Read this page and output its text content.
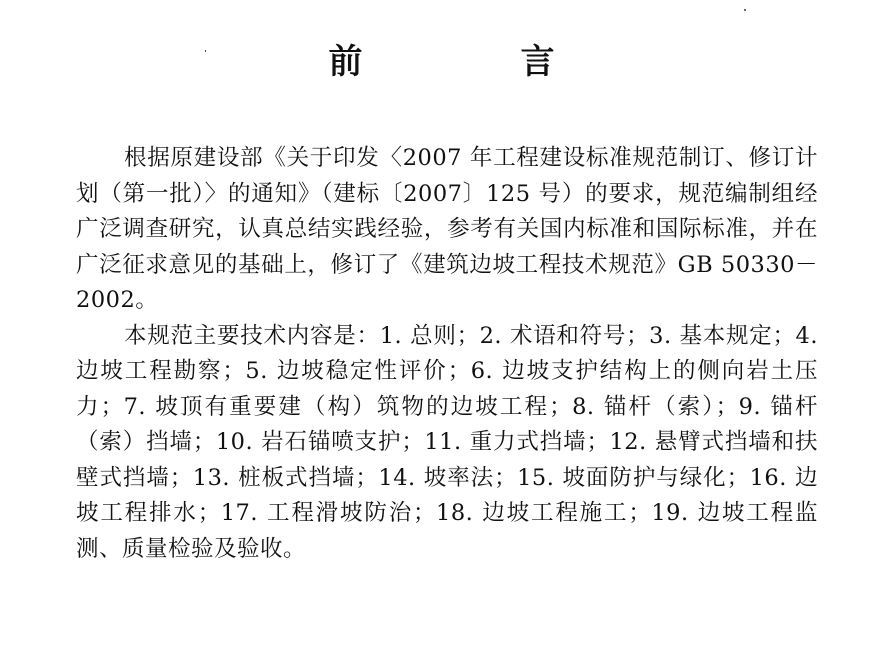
前　言

根据原建设部《关于印发〈2007 年工程建设标准规范制订、修订计划（第一批）〉的通知》（建标〔2007〕125 号）的要求，规范编制组经广泛调查研究，认真总结实践经验，参考有关国内标准和国际标准，并在广泛征求意见的基础上，修订了《建筑边坡工程技术规范》GB 50330－2002。

本规范主要技术内容是：1. 总则；2. 术语和符号；3. 基本规定；4. 边坡工程勘察；5. 边坡稳定性评价；6. 边坡支护结构上的侧向岩土压力；7. 坡顶有重要建（构）筑物的边坡工程；8. 锚杆（索）；9. 锚杆（索）挡墙；10. 岩石锚喷支护；11. 重力式挡墙；12. 悬臂式挡墙和扶壁式挡墙；13. 桩板式挡墙；14. 坡率法；15. 坡面防护与绿化；16. 边坡工程排水；17. 工程滑坡防治；18. 边坡工程施工；19. 边坡工程监测、质量检验及验收。
